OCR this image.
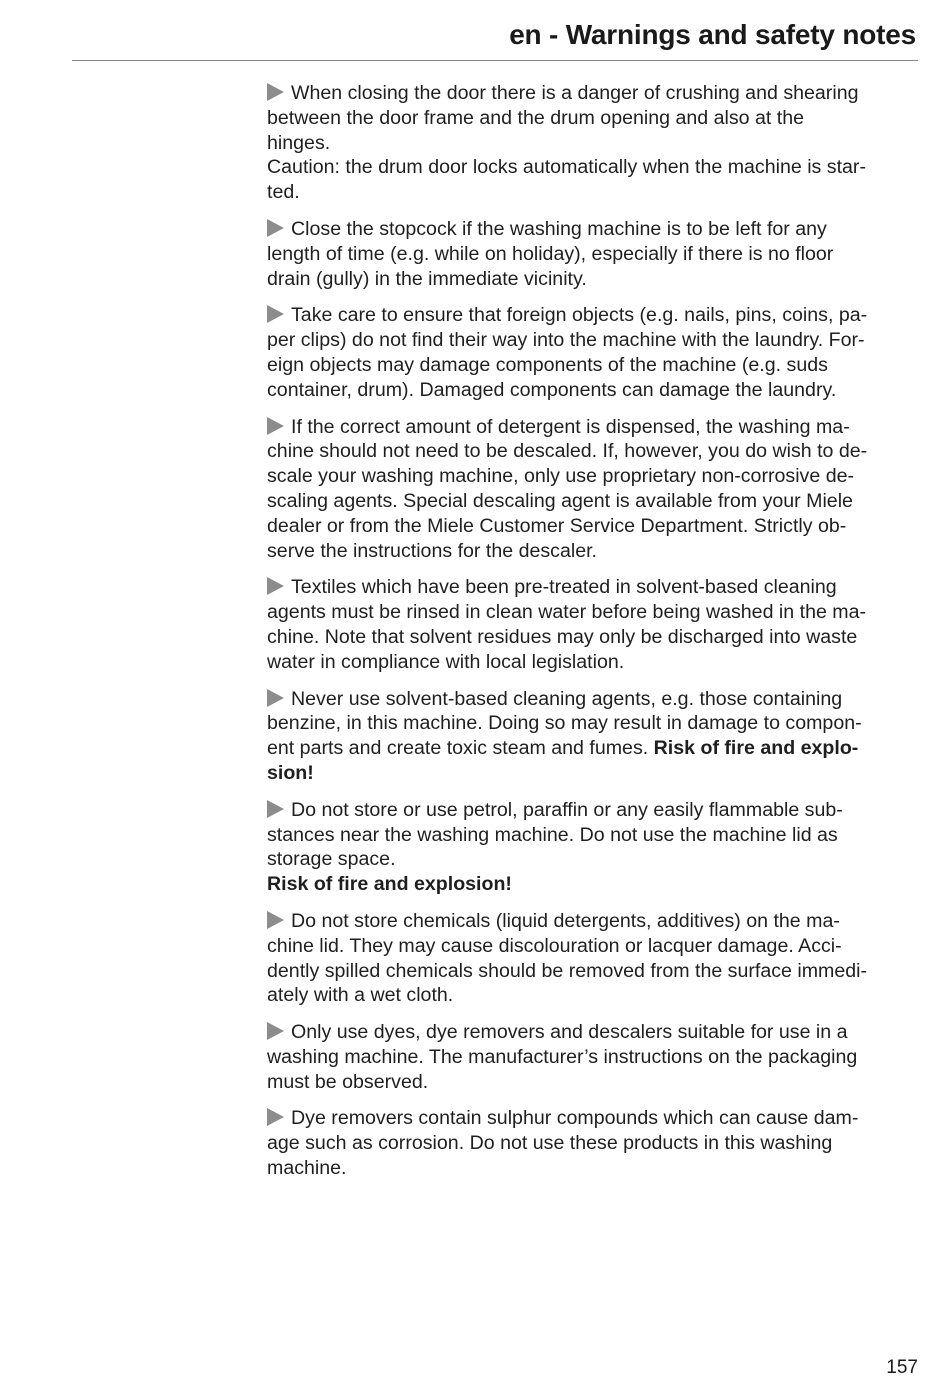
en - Warnings and safety notes

When closing the door there is a danger of crushing and shearing
between the door frame and the drum opening and also at the
hinges.
Caution: the drum door locks automatically when the machine is star-
ted.

Close the stopcock if the washing machine is to be left for any
length of time (e.g. while on holiday), especially if there is no floor
drain (gully) in the immediate vicinity.

Take care to ensure that foreign objects (e.g. nails, pins, coins, pa-
per clips) do not find their way into the machine with the laundry. For-
eign objects may damage components of the machine (e.g. suds
container, drum). Damaged components can damage the laundry.

If the correct amount of detergent is dispensed, the washing ma-
chine should not need to be descaled. If, however, you do wish to de-
scale your washing machine, only use proprietary non-corrosive de-
scaling agents. Special descaling agent is available from your Miele
dealer or from the Miele Customer Service Department. Strictly ob-
serve the instructions for the descaler.

Textiles which have been pre-treated in solvent-based cleaning
agents must be rinsed in clean water before being washed in the ma-
chine. Note that solvent residues may only be discharged into waste
water in compliance with local legislation.

Never use solvent-based cleaning agents, e.g. those containing
benzine, in this machine. Doing so may result in damage to compon-
ent parts and create toxic steam and fumes. Risk of fire and explo-
sion!

Do not store or use petrol, paraffin or any easily flammable sub-
stances near the washing machine. Do not use the machine lid as
storage space.
Risk of fire and explosion!

Do not store chemicals (liquid detergents, additives) on the ma-
chine lid. They may cause discolouration or lacquer damage. Acci-
dently spilled chemicals should be removed from the surface immedi-
ately with a wet cloth.

Only use dyes, dye removers and descalers suitable for use in a
washing machine. The manufacturer’s instructions on the packaging
must be observed.

Dye removers contain sulphur compounds which can cause dam-
age such as corrosion. Do not use these products in this washing
machine.

157
